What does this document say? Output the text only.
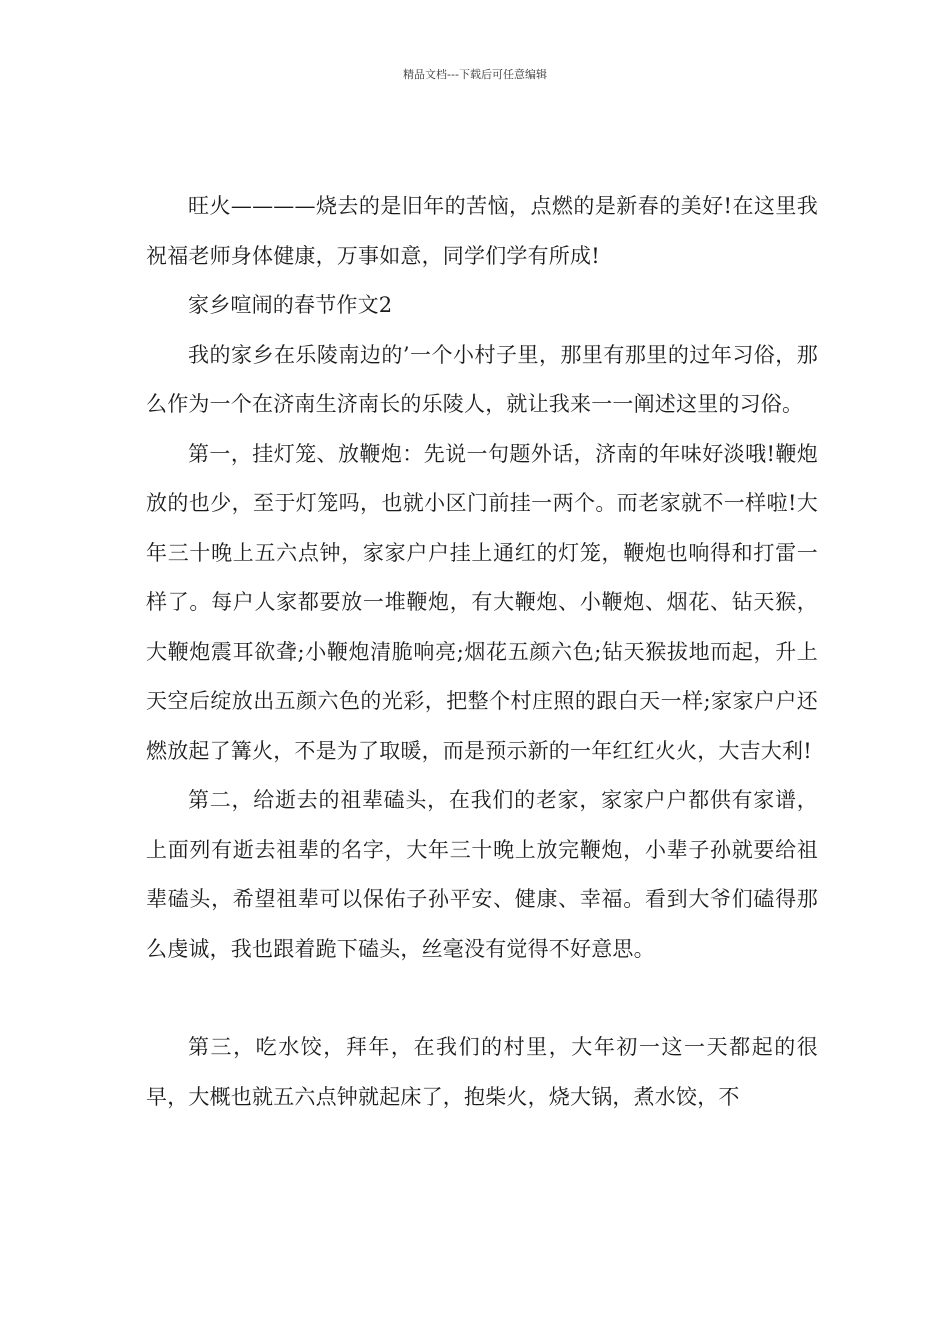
精品文档---下载后可任意编辑

旺火————烧去的是旧年的苦恼，点燃的是新春的美好!在这里我祝福老师身体健康，万事如意，同学们学有所成!

家乡喧闹的春节作文2

我的家乡在乐陵南边的’一个小村子里，那里有那里的过年习俗，那么作为一个在济南生济南长的乐陵人，就让我来一一阐述这里的习俗。

第一，挂灯笼、放鞭炮：先说一句题外话，济南的年味好淡哦!鞭炮放的也少，至于灯笼吗，也就小区门前挂一两个。而老家就不一样啦!大年三十晚上五六点钟，家家户户挂上通红的灯笼，鞭炮也响得和打雷一样了。每户人家都要放一堆鞭炮，有大鞭炮、小鞭炮、烟花、钻天猴，大鞭炮震耳欲聋;小鞭炮清脆响亮;烟花五颜六色;钻天猴拔地而起，升上天空后绽放出五颜六色的光彩，把整个村庄照的跟白天一样;家家户户还燃放起了篝火，不是为了取暖，而是预示新的一年红红火火，大吉大利!

第二，给逝去的祖辈磕头，在我们的老家，家家户户都供有家谱，上面列有逝去祖辈的名字，大年三十晚上放完鞭炮，小辈子孙就要给祖辈磕头，希望祖辈可以保佑子孙平安、健康、幸福。看到大爷们磕得那么虔诚，我也跟着跪下磕头，丝毫没有觉得不好意思。

第三，吃水饺，拜年，在我们的村里，大年初一这一天都起的很早，大概也就五六点钟就起床了，抱柴火，烧大锅，煮水饺，不
